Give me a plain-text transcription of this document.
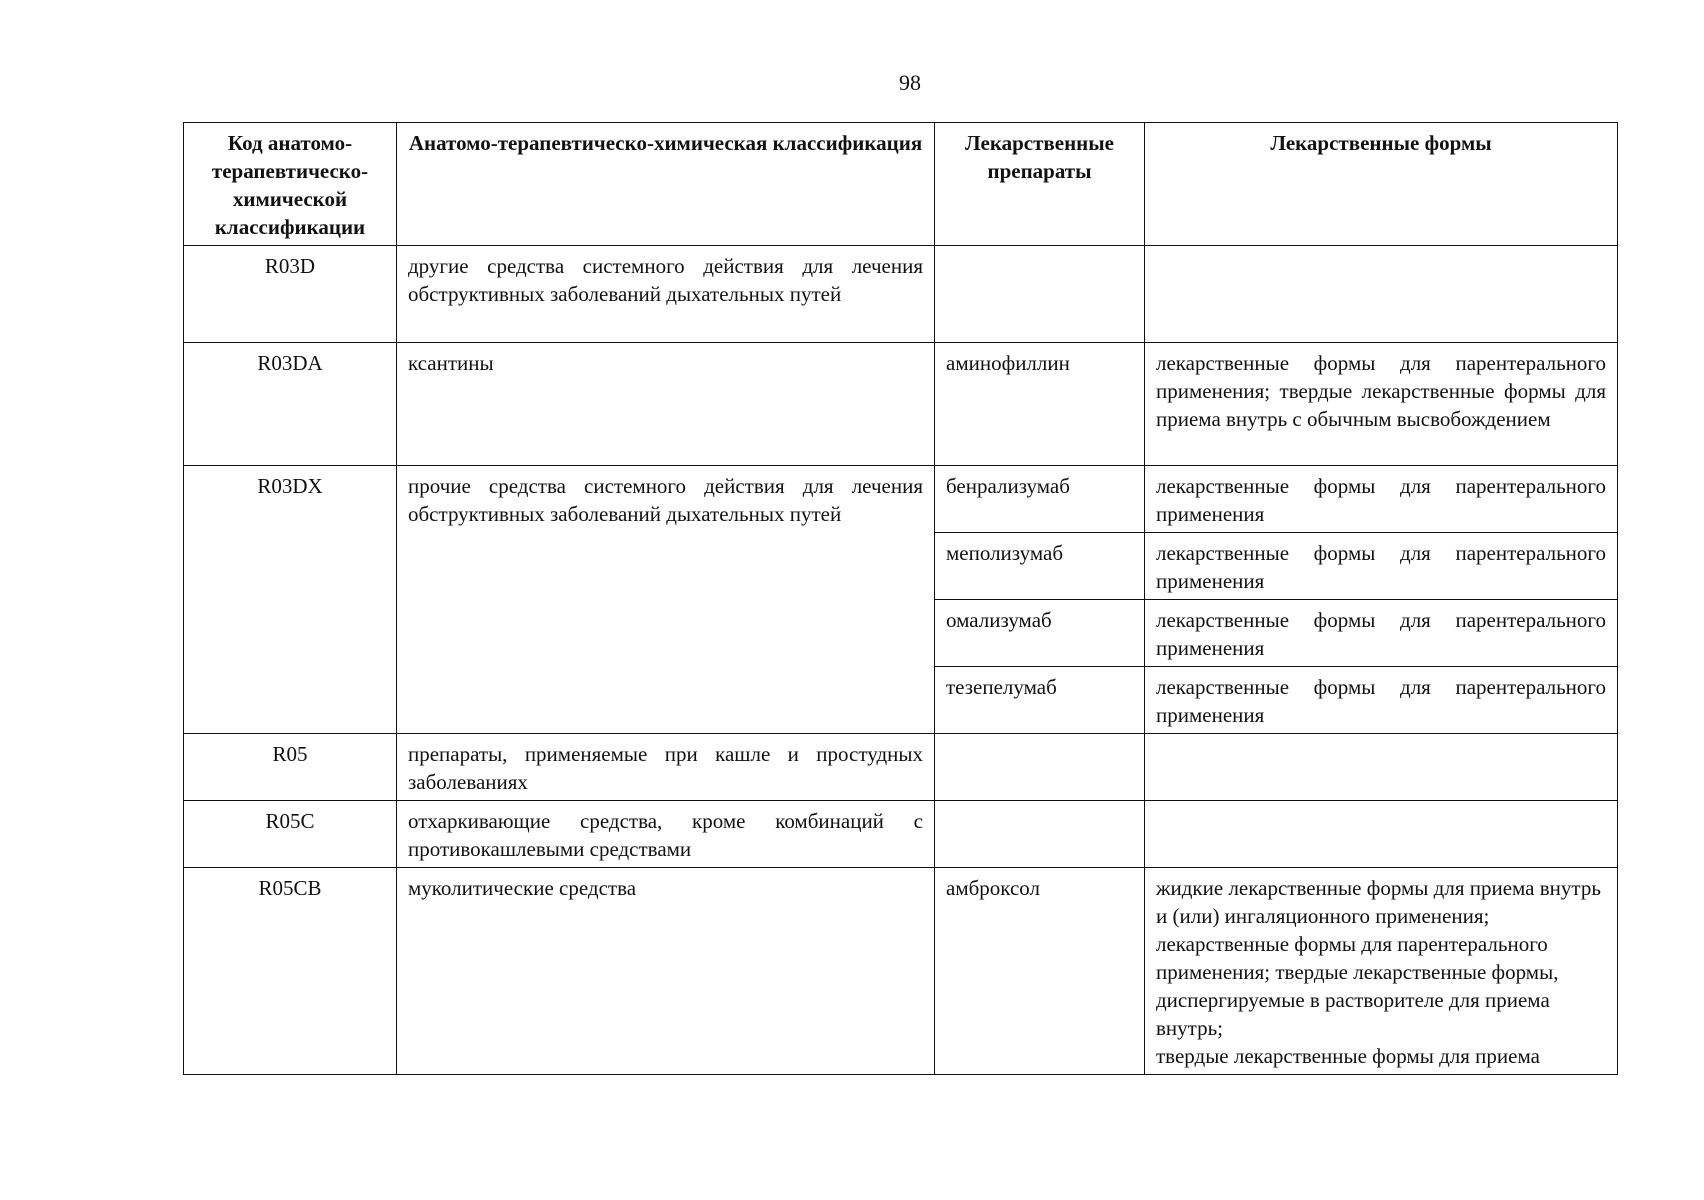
98
Код анатомо-терапевтическо-химической классификации	Анатомо-терапевтическо-химическая классификация	Лекарственные препараты	Лекарственные формы
R03D	другие средства системного действия для лечения обструктивных заболеваний дыхательных путей		
R03DA	ксантины	аминофиллин	лекарственные формы для парентерального применения; твердые лекарственные формы для приема внутрь с обычным высвобождением
R03DX	прочие средства системного действия для лечения обструктивных заболеваний дыхательных путей	бенрализумаб	лекарственные формы для парентерального применения
		меполизумаб	лекарственные формы для парентерального применения
		омализумаб	лекарственные формы для парентерального применения
		тезепелумаб	лекарственные формы для парентерального применения
R05	препараты, применяемые при кашле и простудных заболеваниях		
R05C	отхаркивающие средства, кроме комбинаций с противокашлевыми средствами		
R05CB	муколитические средства	амброксол	жидкие лекарственные формы для приема внутрь и (или) ингаляционного применения; лекарственные формы для парентерального применения; твердые лекарственные формы, диспергируемые в растворителе для приема внутрь;
твердые лекарственные формы для приема
